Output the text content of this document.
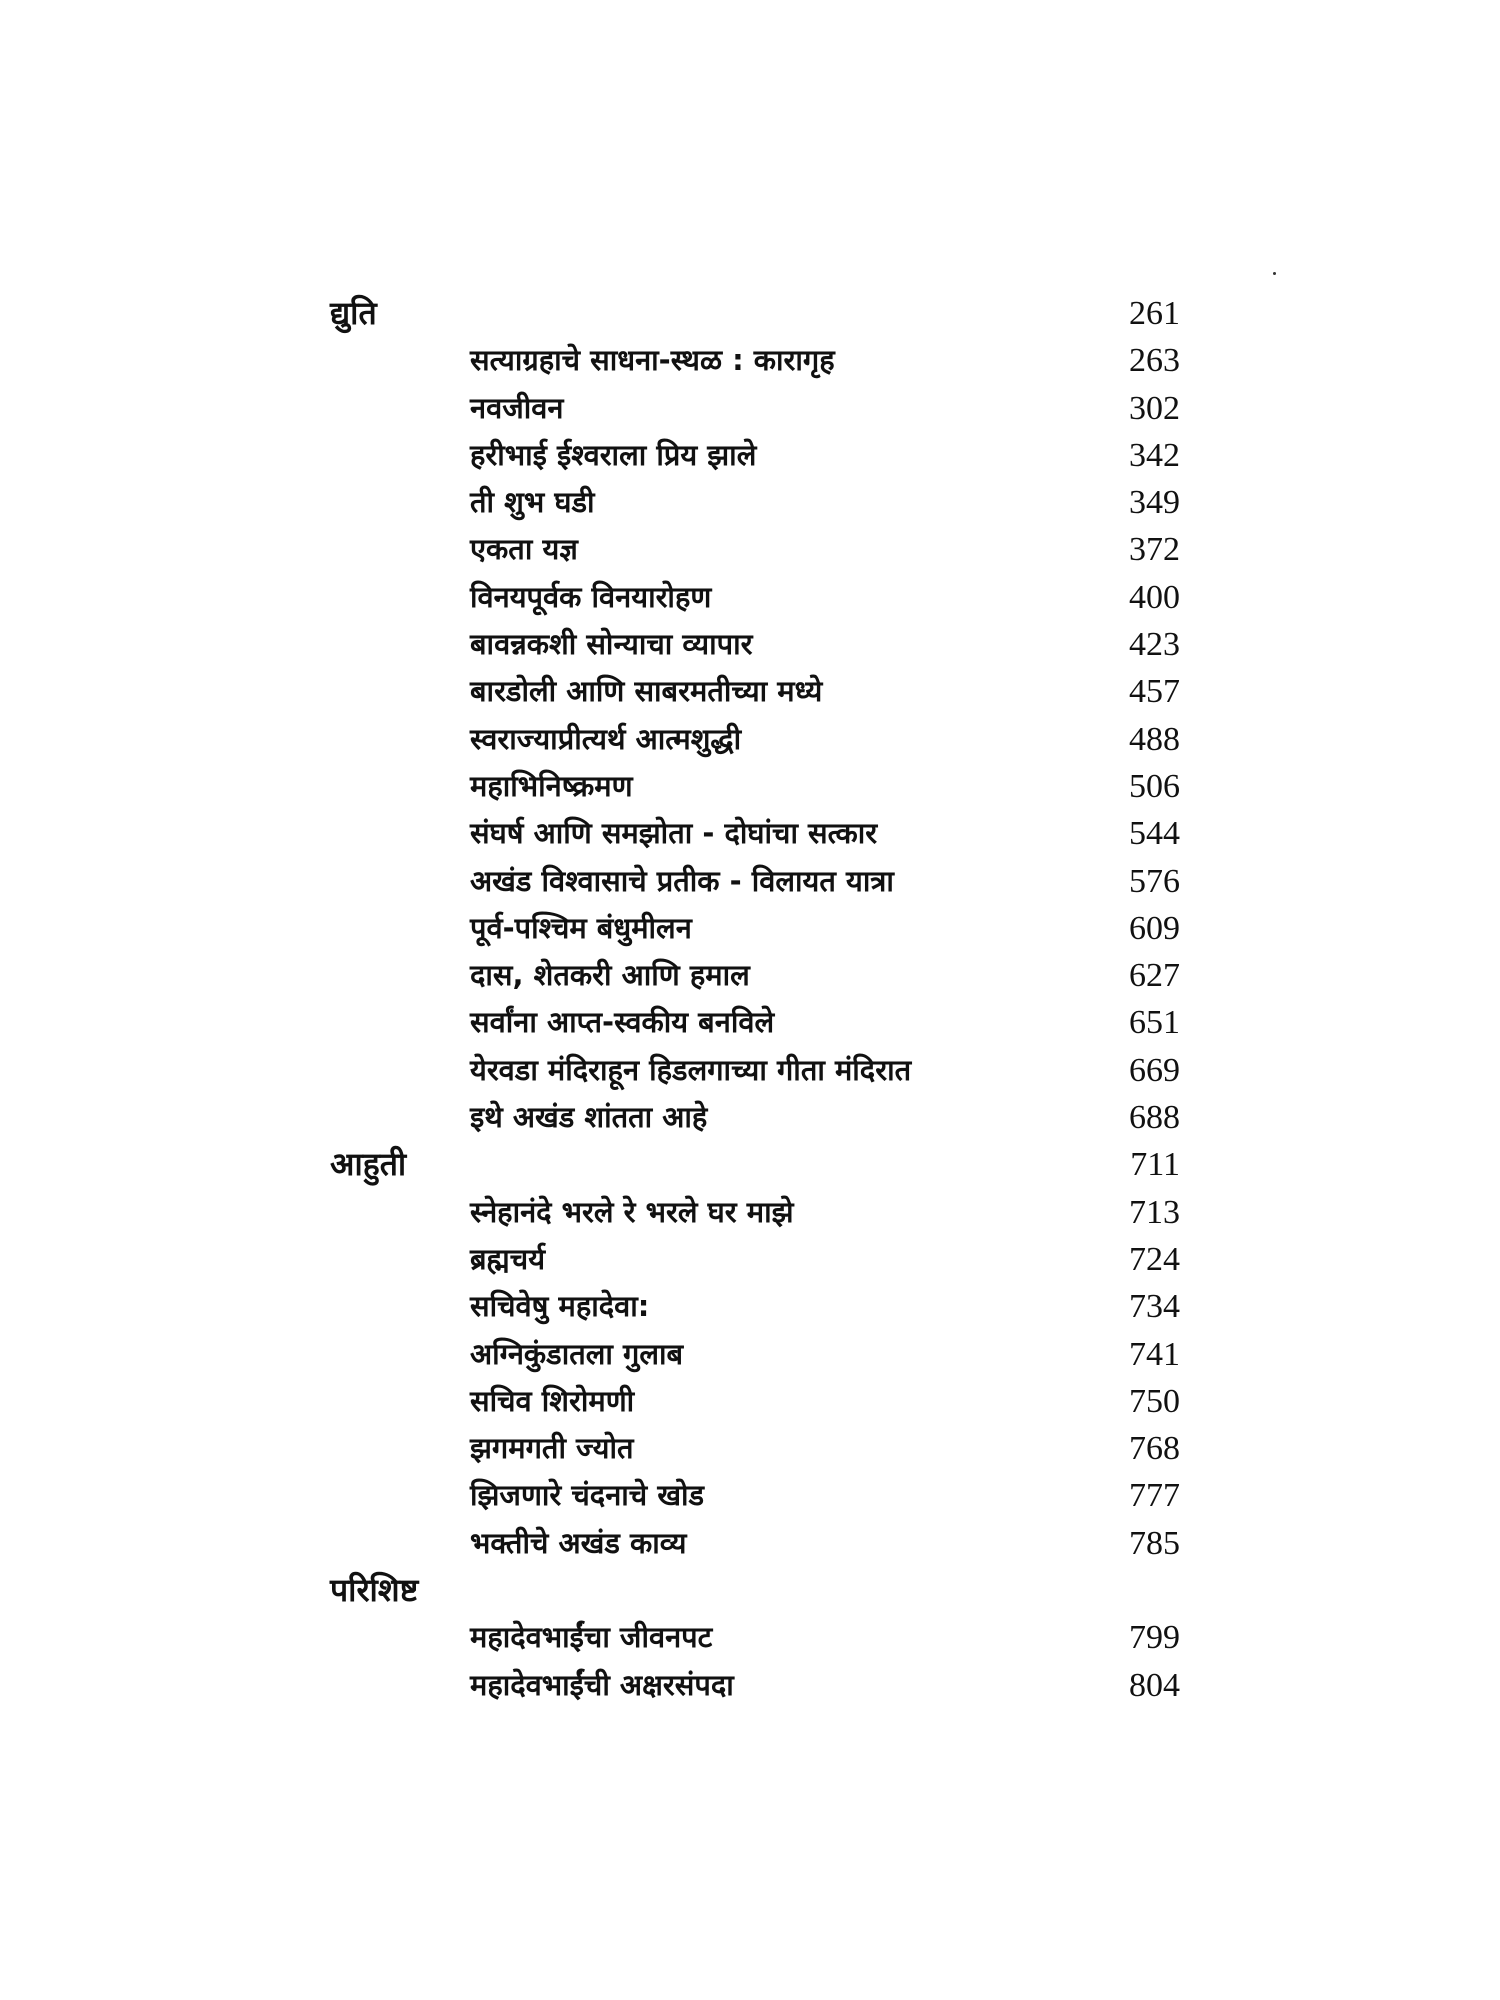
द्युति	261
सत्याग्रहाचे साधना-स्थळ : कारागृह	263
नवजीवन	302
हरीभाई ईश्वराला प्रिय झाले	342
ती शुभ घडी	349
एकता यज्ञ	372
विनयपूर्वक विनयारोहण	400
बावन्नकशी सोन्याचा व्यापार	423
बारडोली आणि साबरमतीच्या मध्ये	457
स्वराज्याप्रीत्यर्थ आत्मशुद्धी	488
महाभिनिष्क्रमण	506
संघर्ष आणि समझोता - दोघांचा सत्कार	544
अखंड विश्वासाचे प्रतीक - विलायत यात्रा	576
पूर्व-पश्चिम बंधुमीलन	609
दास, शेतकरी आणि हमाल	627
सर्वांना आप्त-स्वकीय बनविले	651
येरवडा मंदिराहून हिडलगाच्या गीता मंदिरात	669
इथे अखंड शांतता आहे	688
आहुती	711
स्नेहानंदे भरले रे भरले घर माझे	713
ब्रह्मचर्य	724
सचिवेषु महादेवा:	734
अग्निकुंडातला गुलाब	741
सचिव शिरोमणी	750
झगमगती ज्योत	768
झिजणारे चंदनाचे खोड	777
भक्तीचे अखंड काव्य	785
परिशिष्ट
महादेवभाईंचा जीवनपट	799
महादेवभाईंची अक्षरसंपदा	804
